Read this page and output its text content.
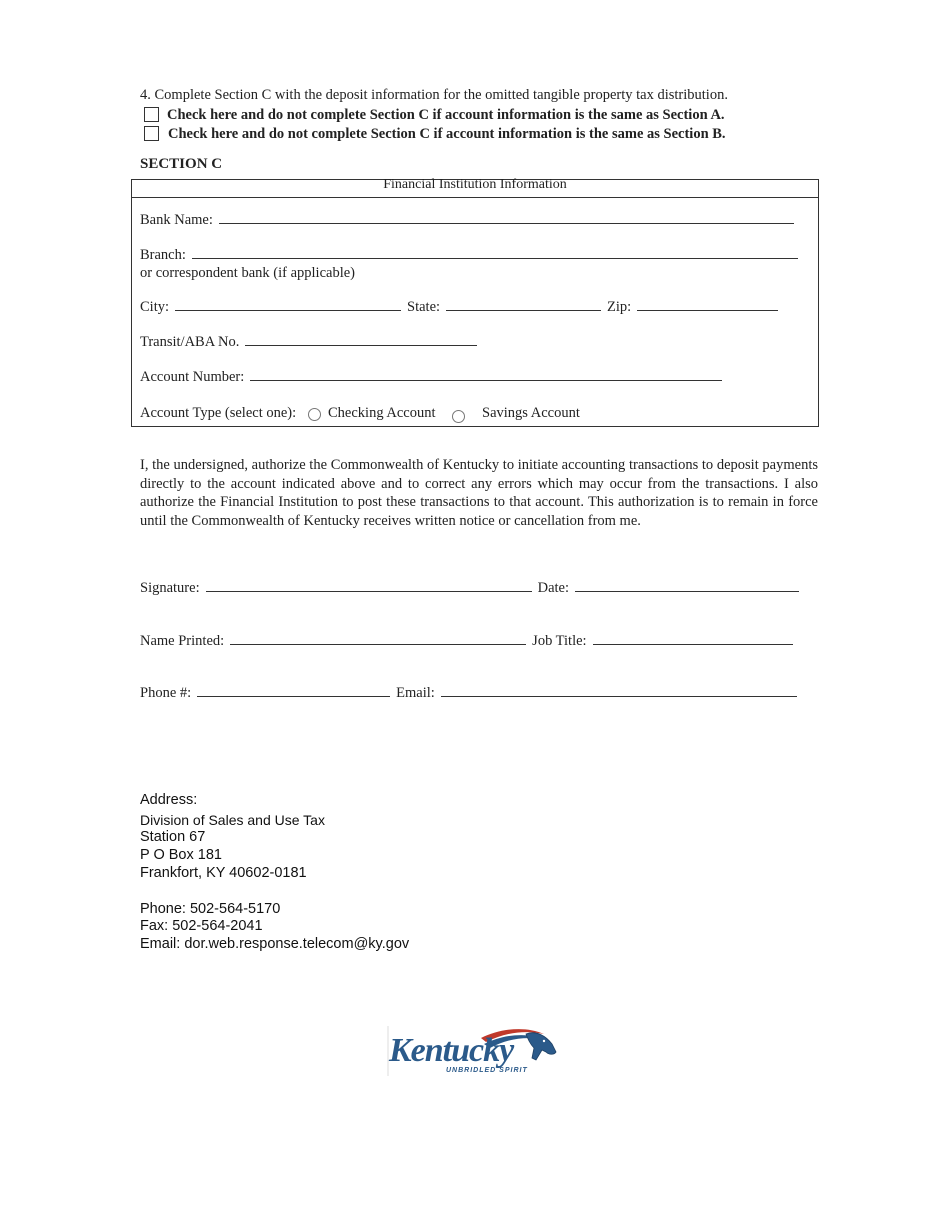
4. Complete Section C with the deposit information for the omitted tangible property tax distribution.
Check here and do not complete Section C if account information is the same as Section A.
Check here and do not complete Section C if account information is the same as Section B.
SECTION C
Financial Institution Information
Bank Name:
Branch:
or correspondent bank (if applicable)
City:	State:	Zip:
Transit/ABA No.
Account Number:
Account Type (select one): Checking Account	Savings Account
I, the undersigned, authorize the Commonwealth of Kentucky to initiate accounting transactions to deposit payments directly to the account indicated above and to correct any errors which may occur from the transactions. I also authorize the Financial Institution to post these transactions to that account. This authorization is to remain in force until the Commonwealth of Kentucky receives written notice or cancellation from me.
Signature:	Date:
Name Printed:	Job Title:
Phone #:	Email:
Address:
Division of Sales and Use Tax
Station 67
P O Box 181
Frankfort, KY 40602-0181
Phone: 502-564-5170
Fax: 502-564-2041
Email: dor.web.response.telecom@ky.gov
Kentucky
UNBRIDLED SPIRIT
